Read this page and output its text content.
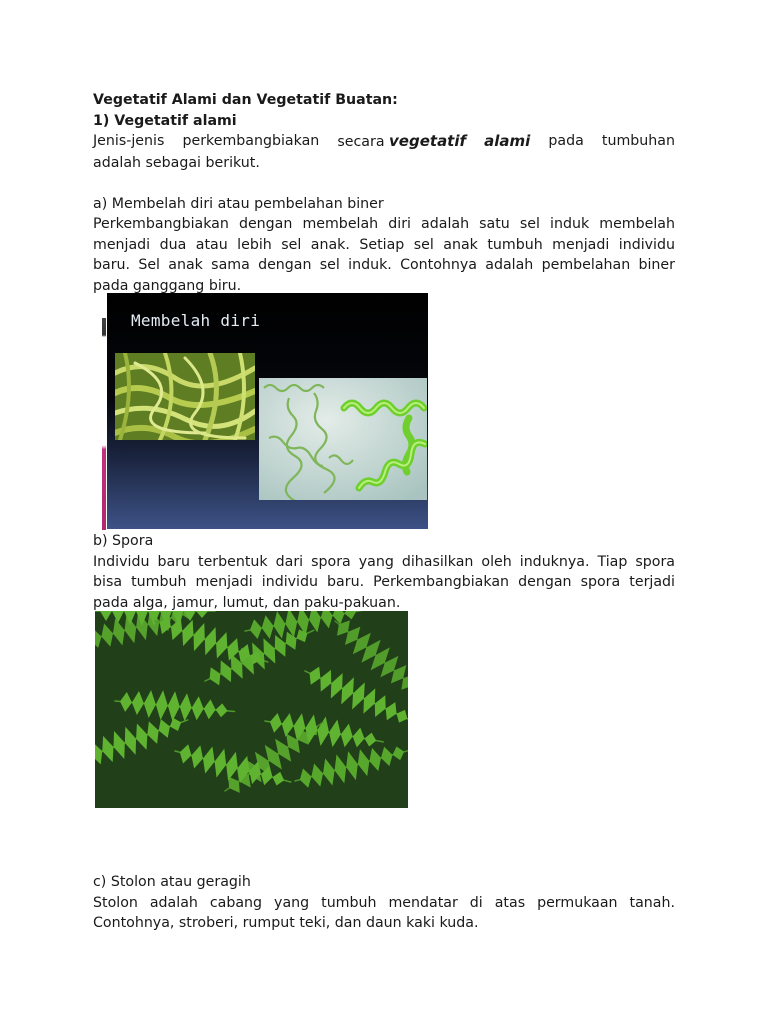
Vegetatif Alami dan Vegetatif Buatan:

1) Vegetatif alami

Jenis-jenis perkembangbiakan secara vegetatif alami pada tumbuhan

adalah sebagai berikut.

a) Membelah diri atau pembelahan biner

Perkembangbiakan dengan membelah diri adalah satu sel induk membelah

menjadi dua atau lebih sel anak. Setiap sel anak tumbuh menjadi individu

baru. Sel anak sama dengan sel induk. Contohnya adalah pembelahan biner

pada ganggang biru.

Membelah diri

b) Spora

Individu baru terbentuk dari spora yang dihasilkan oleh induknya. Tiap spora

bisa tumbuh menjadi individu baru. Perkembangbiakan dengan spora terjadi

pada alga, jamur, lumut, dan paku-pakuan.

c) Stolon atau geragih

Stolon adalah cabang yang tumbuh mendatar di atas permukaan tanah.

Contohnya, stroberi, rumput teki, dan daun kaki kuda.
